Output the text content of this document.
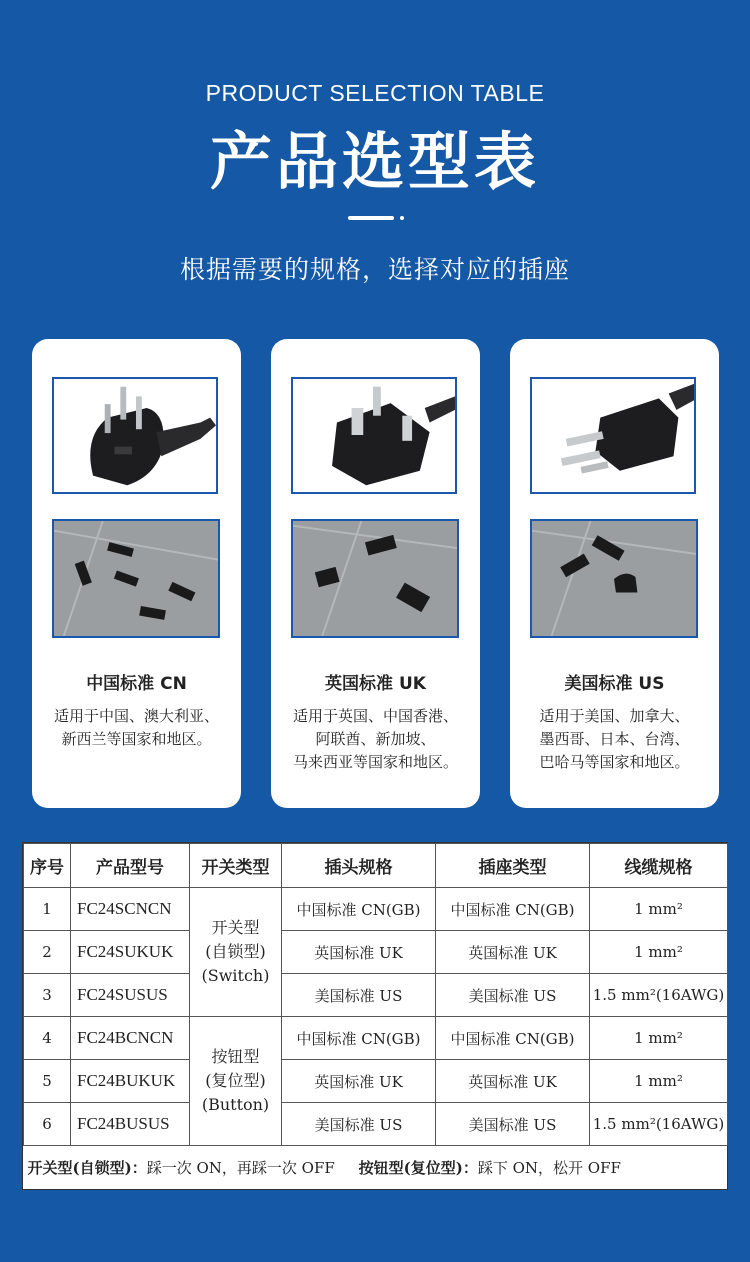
PRODUCT SELECTION TABLE
产品选型表
根据需要的规格，选择对应的插座
中国标准 CN
适用于中国、澳大利亚、
新西兰等国家和地区。
英国标准 UK
适用于英国、中国香港、
阿联酋、新加坡、
马来西亚等国家和地区。
美国标准 US
适用于美国、加拿大、
墨西哥、日本、台湾、
巴哈马等国家和地区。
序号	产品型号	开关类型	插头规格	插座类型	线缆规格
1	FC24SCNCN	开关型
(自锁型)
(Switch)	中国标准 CN(GB)	中国标准 CN(GB)	1 mm²
2	FC24SUKUK		英国标准 UK	英国标准 UK	1 mm²
3	FC24SUSUS		美国标准 US	美国标准 US	1.5 mm²(16AWG)
4	FC24BCNCN	按钮型
(复位型)
(Button)	中国标准 CN(GB)	中国标准 CN(GB)	1 mm²
5	FC24BUKUK		英国标准 UK	英国标准 UK	1 mm²
6	FC24BUSUS		美国标准 US	美国标准 US	1.5 mm²(16AWG)
开关型(自锁型)：踩一次 ON，再踩一次 OFF 按钮型(复位型)：踩下 ON，松开 OFF					
